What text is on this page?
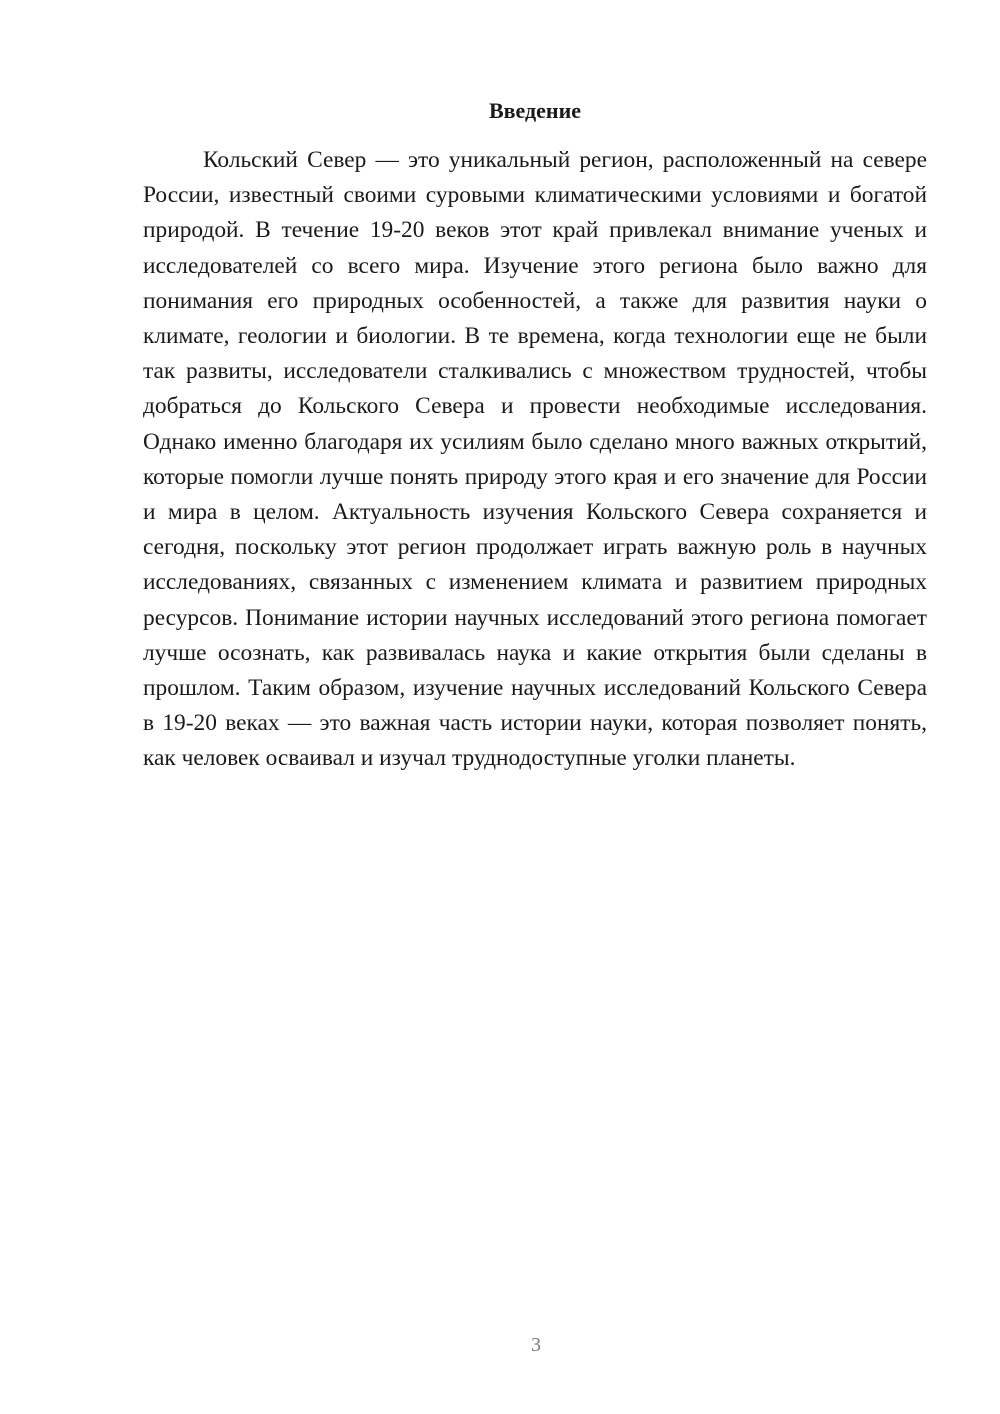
Введение

Кольский Север — это уникальный регион, расположенный на севере России, известный своими суровыми климатическими условиями и богатой природой. В течение 19-20 веков этот край привлекал внимание ученых и исследователей со всего мира. Изучение этого региона было важно для понимания его природных особенностей, а также для развития науки о климате, геологии и биологии. В те времена, когда технологии еще не были так развиты, исследователи сталкивались с множеством трудностей, чтобы добраться до Кольского Севера и провести необходимые исследования. Однако именно благодаря их усилиям было сделано много важных открытий, которые помогли лучше понять природу этого края и его значение для России и мира в целом. Актуальность изучения Кольского Севера сохраняется и сегодня, поскольку этот регион продолжает играть важную роль в научных исследованиях, связанных с изменением климата и развитием природных ресурсов. Понимание истории научных исследований этого региона помогает лучше осознать, как развивалась наука и какие открытия были сделаны в прошлом. Таким образом, изучение научных исследований Кольского Севера в 19-20 веках — это важная часть истории науки, которая позволяет понять, как человек осваивал и изучал труднодоступные уголки планеты.

3
